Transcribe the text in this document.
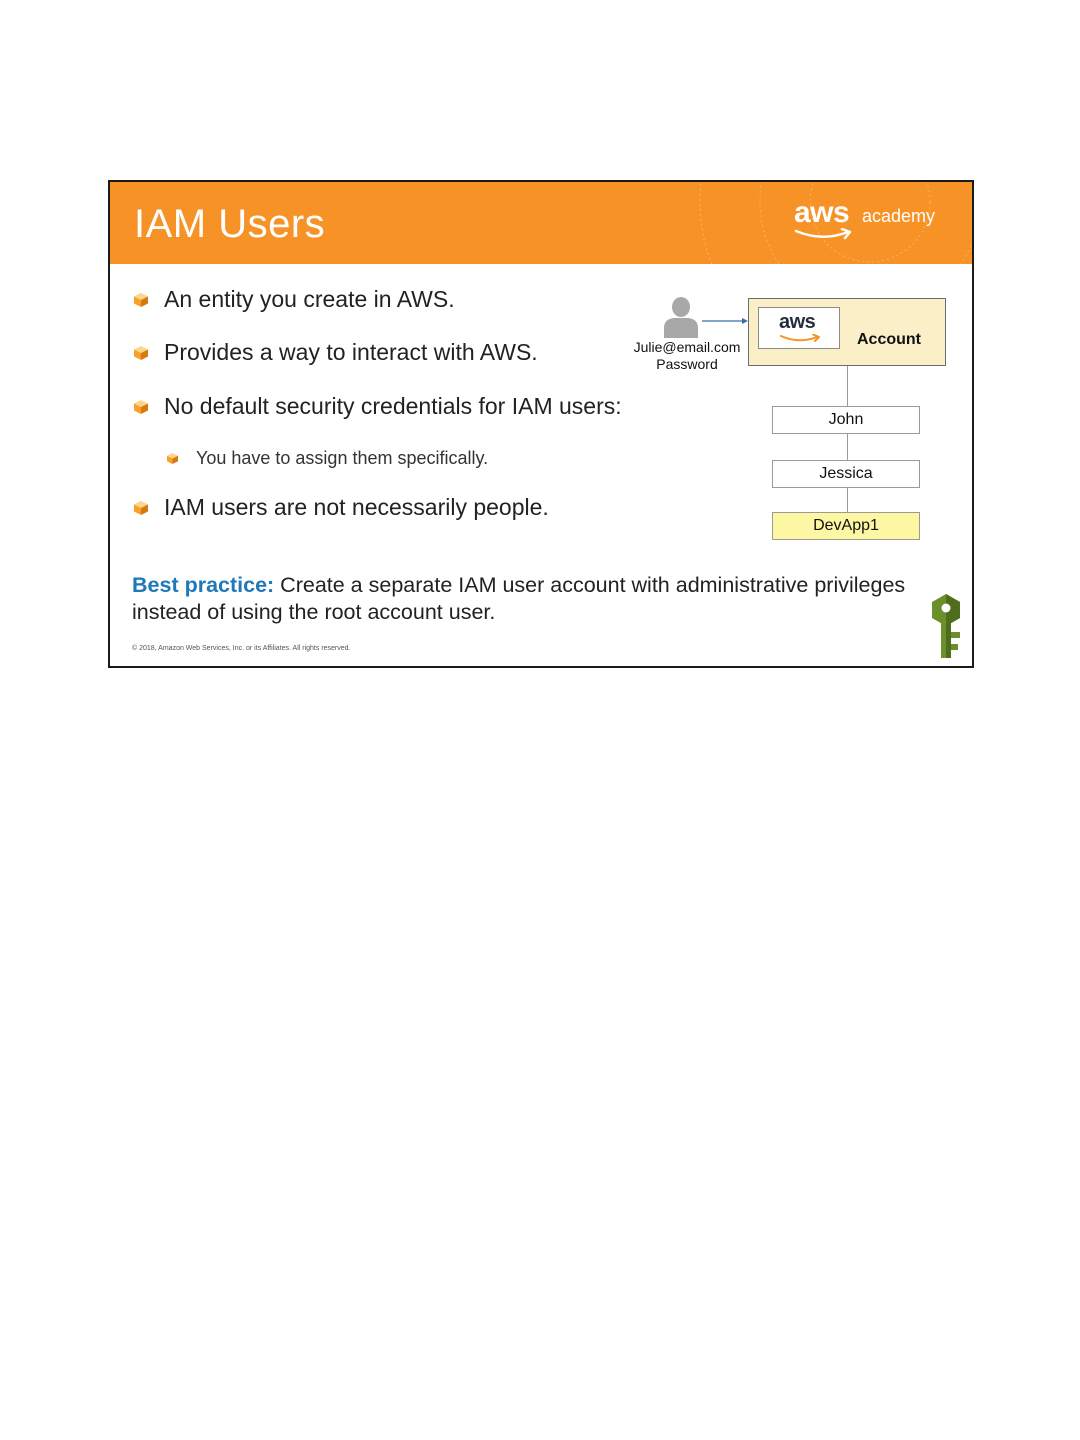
IAM Users	aws academy
An entity you create in AWS.
Provides a way to interact with AWS.
No default security credentials for IAM users:
You have to assign them specifically.
IAM users are not necessarily people.
Julie@email.com
Password
aws
Account
John
Jessica
DevApp1
Best practice: Create a separate IAM user account with administrative privileges instead of using the root account user.
© 2018, Amazon Web Services, Inc. or its Affiliates. All rights reserved.
